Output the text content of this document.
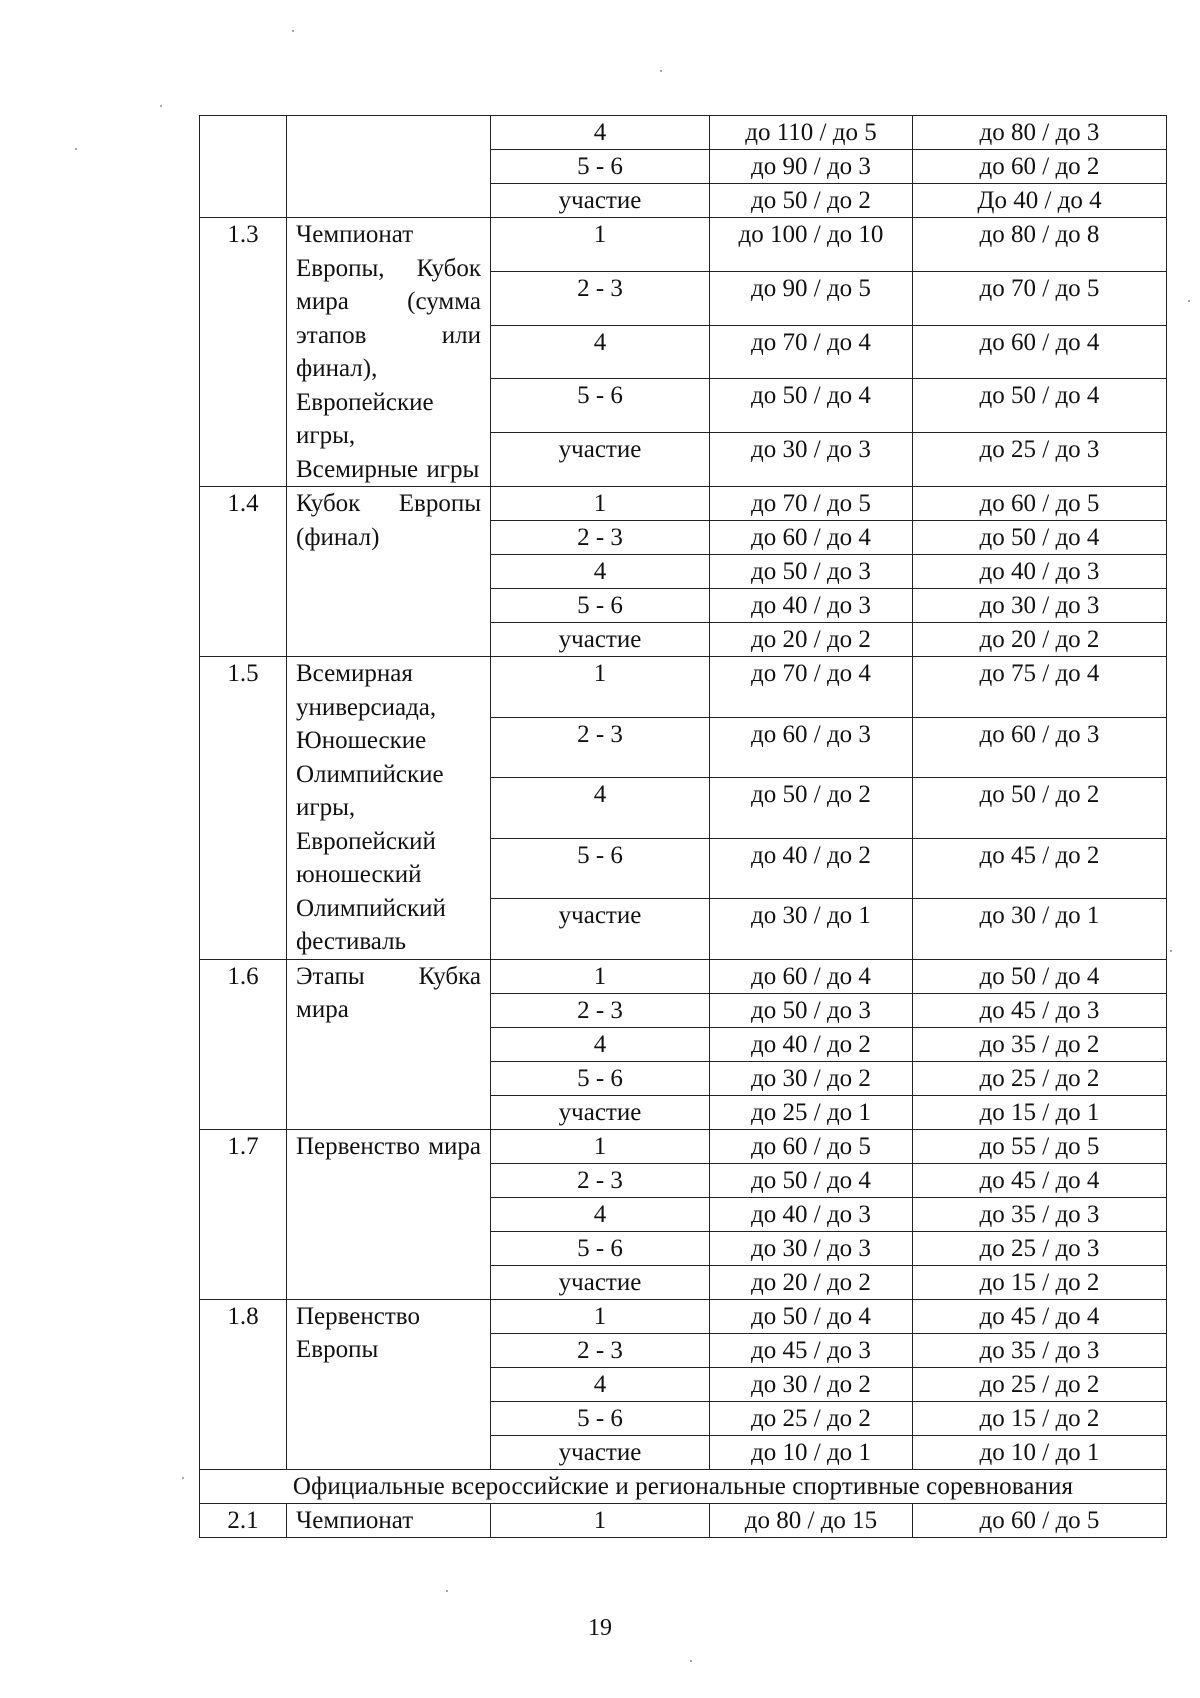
		4	до 110 / до 5	до 80 / до 3
		5 - 6	до 90 / до 3	до 60 / до 2
		участие	до 50 / до 2	До 40 / до 4
1.3	Чемпионат Европы, Кубок мира (сумма этапов или финал), Европейские игры, Всемирные игры	1	до 100 / до 10	до 80 / до 8
		2 - 3	до 90 / до 5	до 70 / до 5
		4	до 70 / до 4	до 60 / до 4
		5 - 6	до 50 / до 4	до 50 / до 4
		участие	до 30 / до 3	до 25 / до 3
1.4	Кубок Европы (финал)	1	до 70 / до 5	до 60 / до 5
		2 - 3	до 60 / до 4	до 50 / до 4
		4	до 50 / до 3	до 40 / до 3
		5 - 6	до 40 / до 3	до 30 / до 3
		участие	до 20 / до 2	до 20 / до 2
1.5	Всемирная универсиада, Юношеские Олимпийские игры, Европейский юношеский Олимпийский фестиваль	1	до 70 / до 4	до 75 / до 4
		2 - 3	до 60 / до 3	до 60 / до 3
		4	до 50 / до 2	до 50 / до 2
		5 - 6	до 40 / до 2	до 45 / до 2
		участие	до 30 / до 1	до 30 / до 1
1.6	Этапы Кубка мира	1	до 60 / до 4	до 50 / до 4
		2 - 3	до 50 / до 3	до 45 / до 3
		4	до 40 / до 2	до 35 / до 2
		5 - 6	до 30 / до 2	до 25 / до 2
		участие	до 25 / до 1	до 15 / до 1
1.7	Первенство мира	1	до 60 / до 5	до 55 / до 5
		2 - 3	до 50 / до 4	до 45 / до 4
		4	до 40 / до 3	до 35 / до 3
		5 - 6	до 30 / до 3	до 25 / до 3
		участие	до 20 / до 2	до 15 / до 2
1.8	Первенство Европы	1	до 50 / до 4	до 45 / до 4
		2 - 3	до 45 / до 3	до 35 / до 3
		4	до 30 / до 2	до 25 / до 2
		5 - 6	до 25 / до 2	до 15 / до 2
		участие	до 10 / до 1	до 10 / до 1
Официальные всероссийские и региональные спортивные соревнования				
2.1	Чемпионат	1	до 80 / до 15	до 60 / до 5
19
